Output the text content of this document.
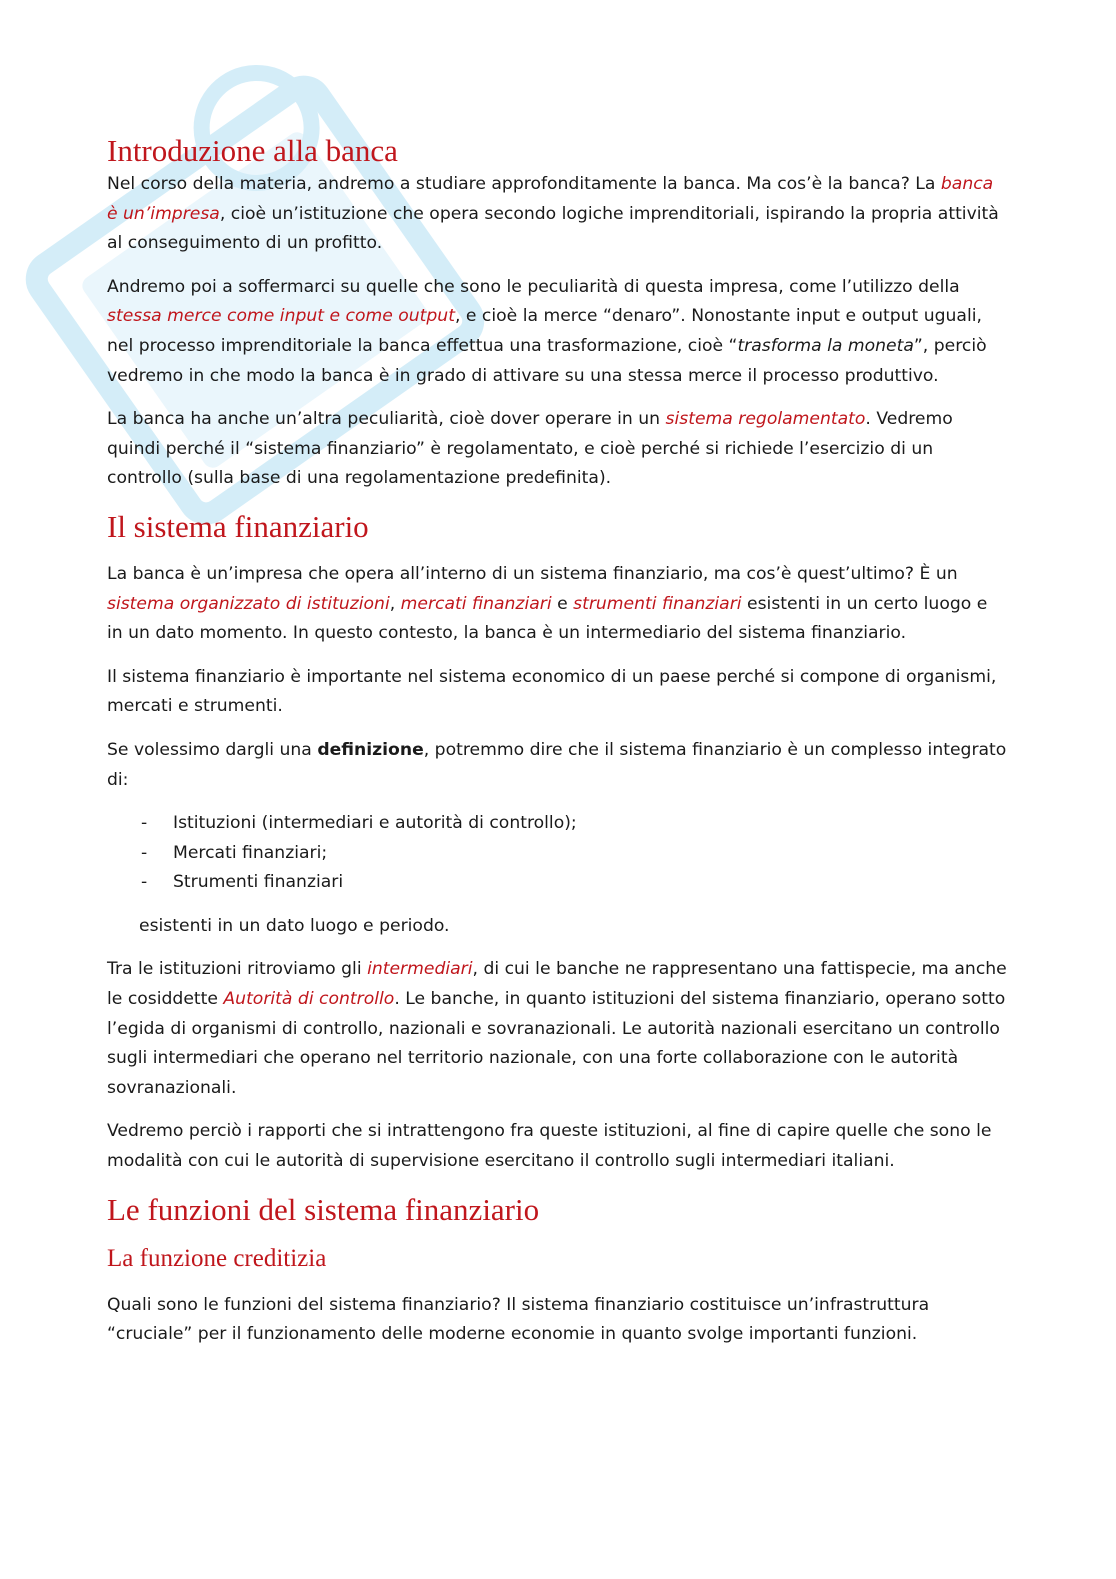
Introduzione alla banca

Nel corso della materia, andremo a studiare approfonditamente la banca. Ma cos’è la banca? La banca è un’impresa, cioè un’istituzione che opera secondo logiche imprenditoriali, ispirando la propria attività al conseguimento di un profitto.

Andremo poi a soffermarci su quelle che sono le peculiarità di questa impresa, come l’utilizzo della stessa merce come input e come output, e cioè la merce “denaro”. Nonostante input e output uguali, nel processo imprenditoriale la banca effettua una trasformazione, cioè “trasforma la moneta”, perciò vedremo in che modo la banca è in grado di attivare su una stessa merce il processo produttivo.

La banca ha anche un’altra peculiarità, cioè dover operare in un sistema regolamentato. Vedremo quindi perché il “sistema finanziario” è regolamentato, e cioè perché si richiede l’esercizio di un controllo (sulla base di una regolamentazione predefinita).

Il sistema finanziario

La banca è un’impresa che opera all’interno di un sistema finanziario, ma cos’è quest’ultimo? È un sistema organizzato di istituzioni, mercati finanziari e strumenti finanziari esistenti in un certo luogo e in un dato momento. In questo contesto, la banca è un intermediario del sistema finanziario.

Il sistema finanziario è importante nel sistema economico di un paese perché si compone di organismi, mercati e strumenti.

Se volessimo dargli una definizione, potremmo dire che il sistema finanziario è un complesso integrato di:

- Istituzioni (intermediari e autorità di controllo);
- Mercati finanziari;
- Strumenti finanziari

esistenti in un dato luogo e periodo.

Tra le istituzioni ritroviamo gli intermediari, di cui le banche ne rappresentano una fattispecie, ma anche le cosiddette Autorità di controllo. Le banche, in quanto istituzioni del sistema finanziario, operano sotto l’egida di organismi di controllo, nazionali e sovranazionali. Le autorità nazionali esercitano un controllo sugli intermediari che operano nel territorio nazionale, con una forte collaborazione con le autorità sovranazionali.

Vedremo perciò i rapporti che si intrattengono fra queste istituzioni, al fine di capire quelle che sono le modalità con cui le autorità di supervisione esercitano il controllo sugli intermediari italiani.

Le funzioni del sistema finanziario
La funzione creditizia

Quali sono le funzioni del sistema finanziario? Il sistema finanziario costituisce un’infrastruttura “cruciale” per il funzionamento delle moderne economie in quanto svolge importanti funzioni.
